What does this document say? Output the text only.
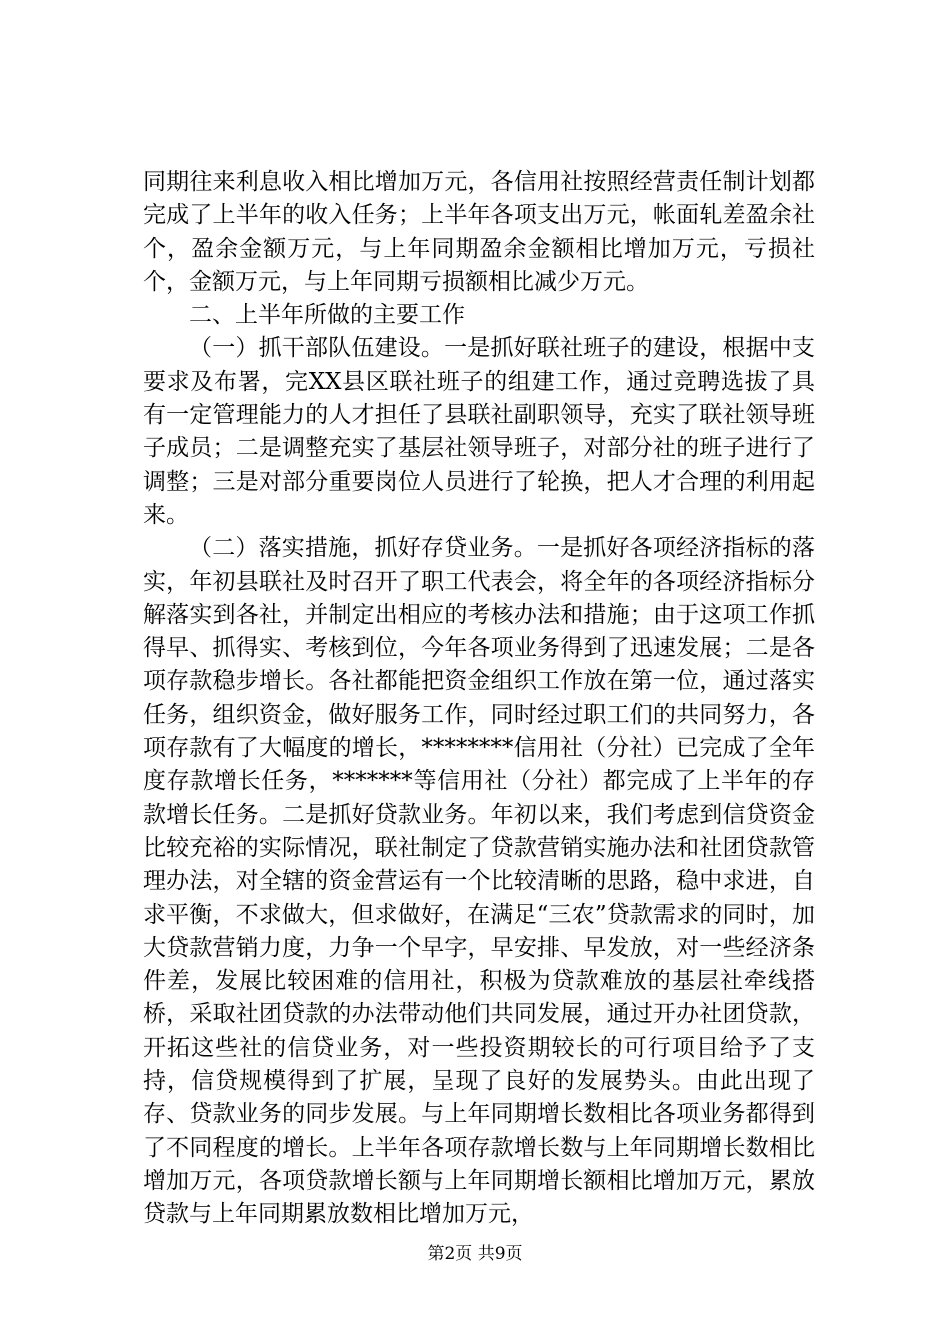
同期往来利息收入相比增加万元，各信用社按照经营责任制计划都完成了上半年的收入任务；上半年各项支出万元，帐面轧差盈余社个，盈余金额万元，与上年同期盈余金额相比增加万元，亏损社个，金额万元，与上年同期亏损额相比减少万元。

二、上半年所做的主要工作

（一）抓干部队伍建设。一是抓好联社班子的建设，根据中支要求及布署，完XX县区联社班子的组建工作，通过竞聘选拔了具有一定管理能力的人才担任了县联社副职领导，充实了联社领导班子成员；二是调整充实了基层社领导班子，对部分社的班子进行了调整；三是对部分重要岗位人员进行了轮换，把人才合理的利用起来。

（二）落实措施，抓好存贷业务。一是抓好各项经济指标的落实，年初县联社及时召开了职工代表会，将全年的各项经济指标分解落实到各社，并制定出相应的考核办法和措施；由于这项工作抓得早、抓得实、考核到位，今年各项业务得到了迅速发展；二是各项存款稳步增长。各社都能把资金组织工作放在第一位，通过落实任务，组织资金，做好服务工作，同时经过职工们的共同努力，各项存款有了大幅度的增长，********信用社（分社）已完成了全年度存款增长任务，*******等信用社（分社）都完成了上半年的存款增长任务。二是抓好贷款业务。年初以来，我们考虑到信贷资金比较充裕的实际情况，联社制定了贷款营销实施办法和社团贷款管理办法，对全辖的资金营运有一个比较清晰的思路，稳中求进，自求平衡，不求做大，但求做好，在满足“三农”贷款需求的同时，加大贷款营销力度，力争一个早字，早安排、早发放，对一些经济条件差，发展比较困难的信用社，积极为贷款难放的基层社牵线搭桥，采取社团贷款的办法带动他们共同发展，通过开办社团贷款，开拓这些社的信贷业务，对一些投资期较长的可行项目给予了支持，信贷规模得到了扩展，呈现了良好的发展势头。由此出现了存、贷款业务的同步发展。与上年同期增长数相比各项业务都得到了不同程度的增长。上半年各项存款增长数与上年同期增长数相比增加万元，各项贷款增长额与上年同期增长额相比增加万元，累放贷款与上年同期累放数相比增加万元，

第2页 共9页
